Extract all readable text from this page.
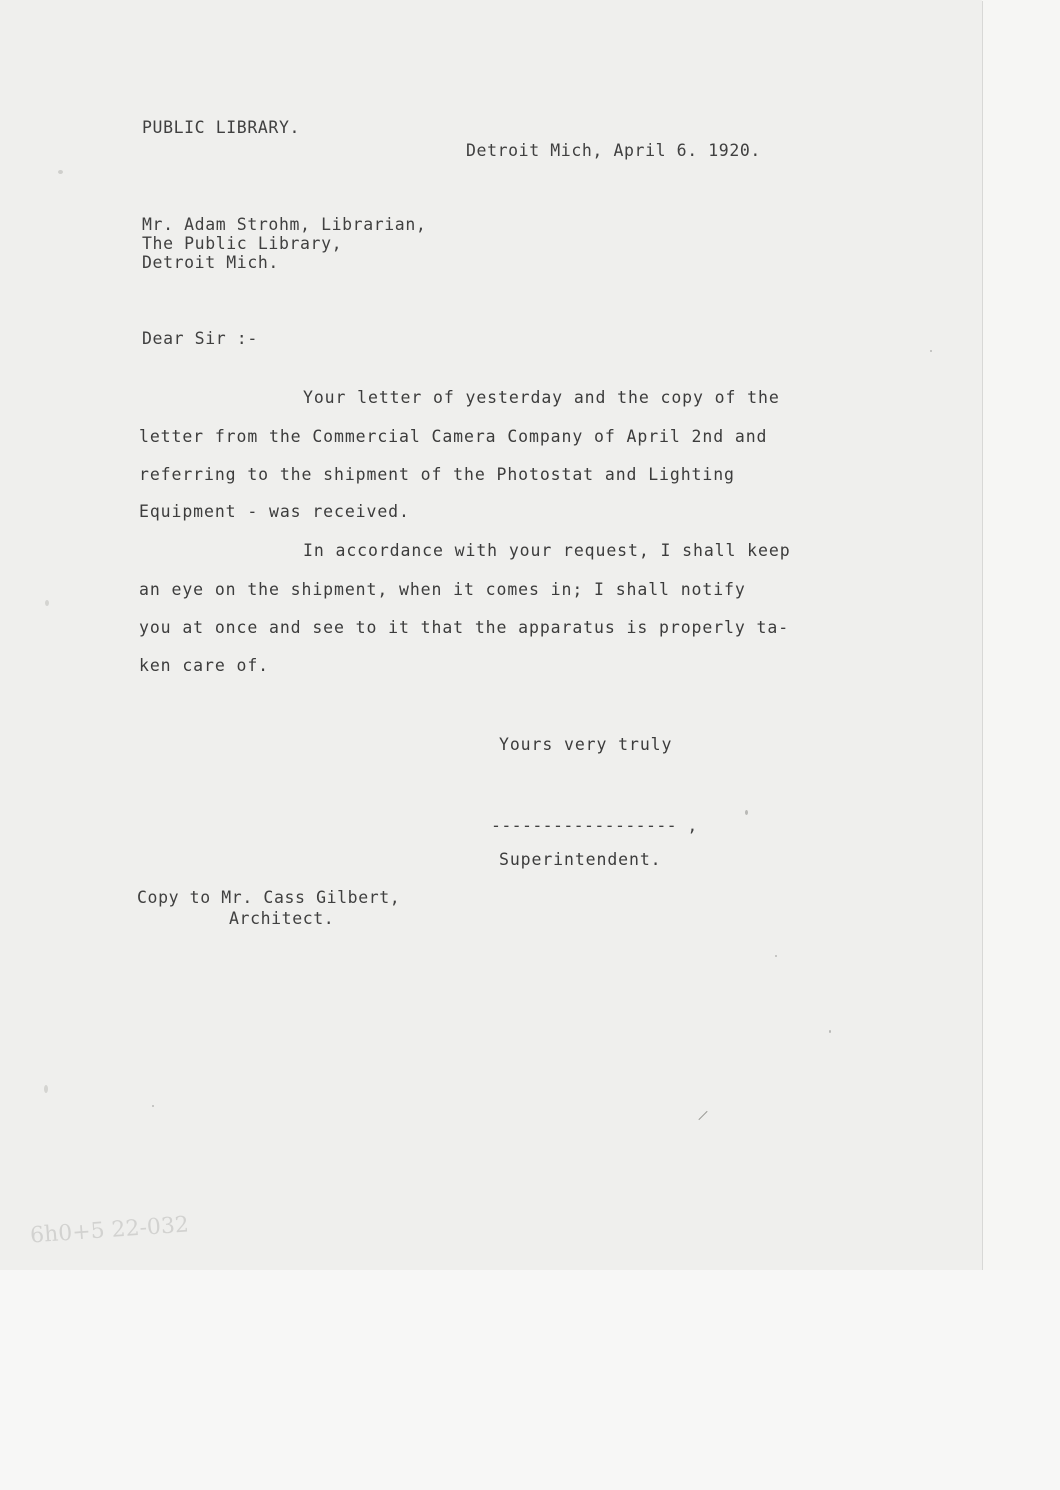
PUBLIC LIBRARY.
Detroit Mich, April 6. 1920.
Mr. Adam Strohm, Librarian,
The Public Library,
Detroit Mich.
Dear Sir :-
Your letter of yesterday and the copy of the
letter from the Commercial Camera Company of April 2nd and
referring to the shipment of the Photostat and Lighting
Equipment - was received.
In accordance with your request, I shall keep
an eye on the shipment, when it comes in; I shall notify
you at once and see to it that the apparatus is properly ta-
ken care of.
Yours very truly
------------------ ,
Superintendent.
Copy to Mr. Cass Gilbert,
Architect.
6h0+5 22-032
